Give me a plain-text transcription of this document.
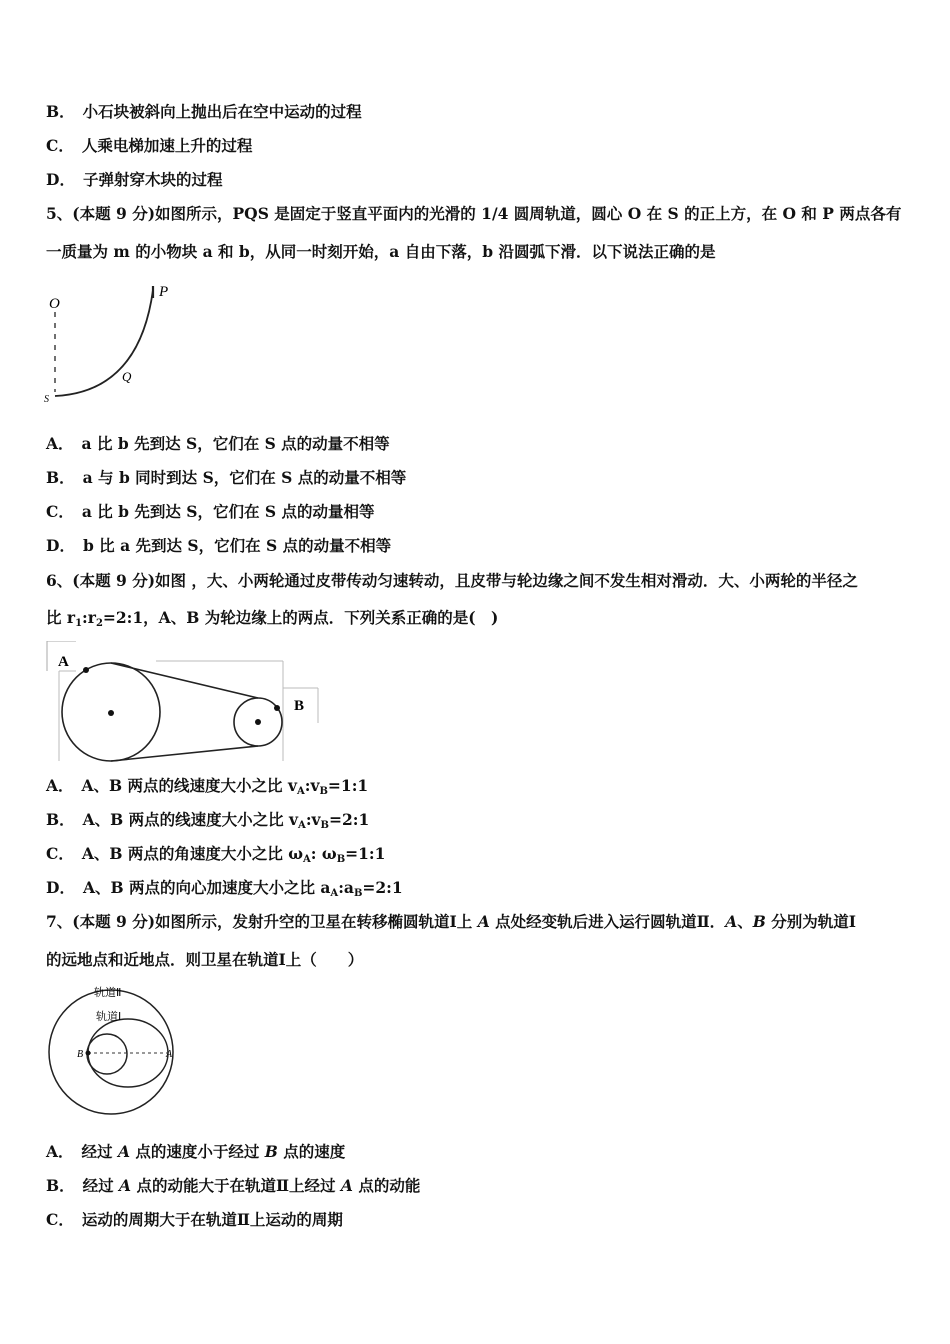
B． 小石块被斜向上抛出后在空中运动的过程
C． 人乘电梯加速上升的过程
D． 子弹射穿木块的过程
5、(本题 9 分)如图所示，PQS 是固定于竖直平面内的光滑的 1/4 圆周轨道，圆心 O 在 S 的正上方，在 O 和 P 两点各有
一质量为 m 的小物块 a 和 b，从同一时刻开始，a 自由下落，b 沿圆弧下滑．以下说法正确的是
O
P
Q
S
A． a 比 b 先到达 S，它们在 S 点的动量不相等
B． a 与 b 同时到达 S，它们在 S 点的动量不相等
C． a 比 b 先到达 S，它们在 S 点的动量相等
D． b 比 a 先到达 S，它们在 S 点的动量不相等
6、(本题 9 分)如图 ，大、小两轮通过皮带传动匀速转动，且皮带与轮边缘之间不发生相对滑动．大、小两轮的半径之
比 $r_1:r_2=2:1$，A、B 为轮边缘上的两点．下列关系正确的是(　)
A
B
A． A、B 两点的线速度大小之比 $v_A:v_B=1:1$
B． A、B 两点的线速度大小之比 $v_A:v_B=2:1$
C． A、B 两点的角速度大小之比 $\omega_A$: $\omega_B=1:1$
D． A、B 两点的向心加速度大小之比 $a_A:a_B=2:1$
7、(本题 9 分)如图所示，发射升空的卫星在转移椭圆轨道Ⅰ上 A 点处经变轨后进入运行圆轨道Ⅱ．A、B 分别为轨道Ⅰ
的远地点和近地点．则卫星在轨道Ⅰ上（　　）
轨道Ⅱ
轨道Ⅰ
B	A
A． 经过 A 点的速度小于经过 B 点的速度
B． 经过 A 点的动能大于在轨道Ⅱ上经过 A 点的动能
C． 运动的周期大于在轨道Ⅱ上运动的周期
